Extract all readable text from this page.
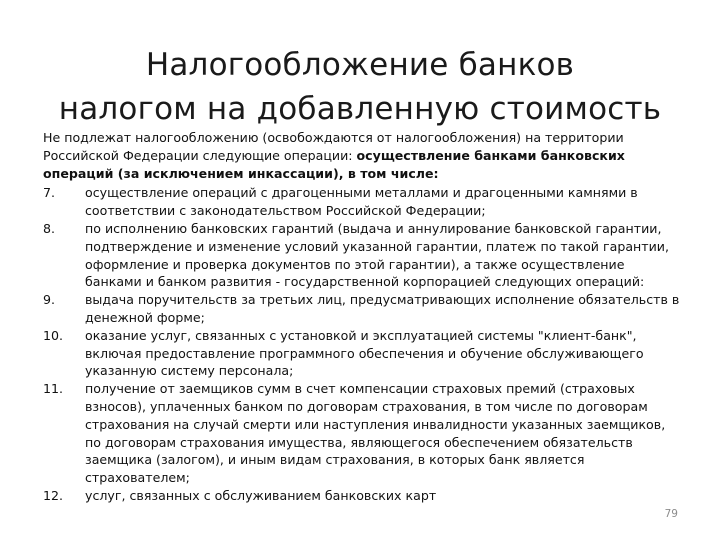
Налогообложение банков
налогом на добавленную стоимость

Не подлежат налогообложению (освобождаются от налогообложения) на территории Российской Федерации следующие операции: осуществление банками банковских операций (за исключением инкассации), в том числе:

7.	осуществление операций с драгоценными металлами и драгоценными камнями в соответствии с законодательством Российской Федерации;
8.	по исполнению банковских гарантий (выдача и аннулирование банковской гарантии, подтверждение и изменение условий указанной гарантии, платеж по такой гарантии, оформление и проверка документов по этой гарантии), а также осуществление банками и банком развития - государственной корпорацией следующих операций:
9.	выдача поручительств за третьих лиц, предусматривающих исполнение обязательств в денежной форме;
10.	оказание услуг, связанных с установкой и эксплуатацией системы "клиент-банк", включая предоставление программного обеспечения и обучение обслуживающего указанную систему персонала;
11.	получение от заемщиков сумм в счет компенсации страховых премий (страховых взносов), уплаченных банком по договорам страхования, в том числе по договорам страхования на случай смерти или наступления инвалидности указанных заемщиков, по договорам страхования имущества, являющегося обеспечением обязательств заемщика (залогом), и иным видам страхования, в которых банк является страхователем;
12.	услуг, связанных с обслуживанием банковских карт
79
